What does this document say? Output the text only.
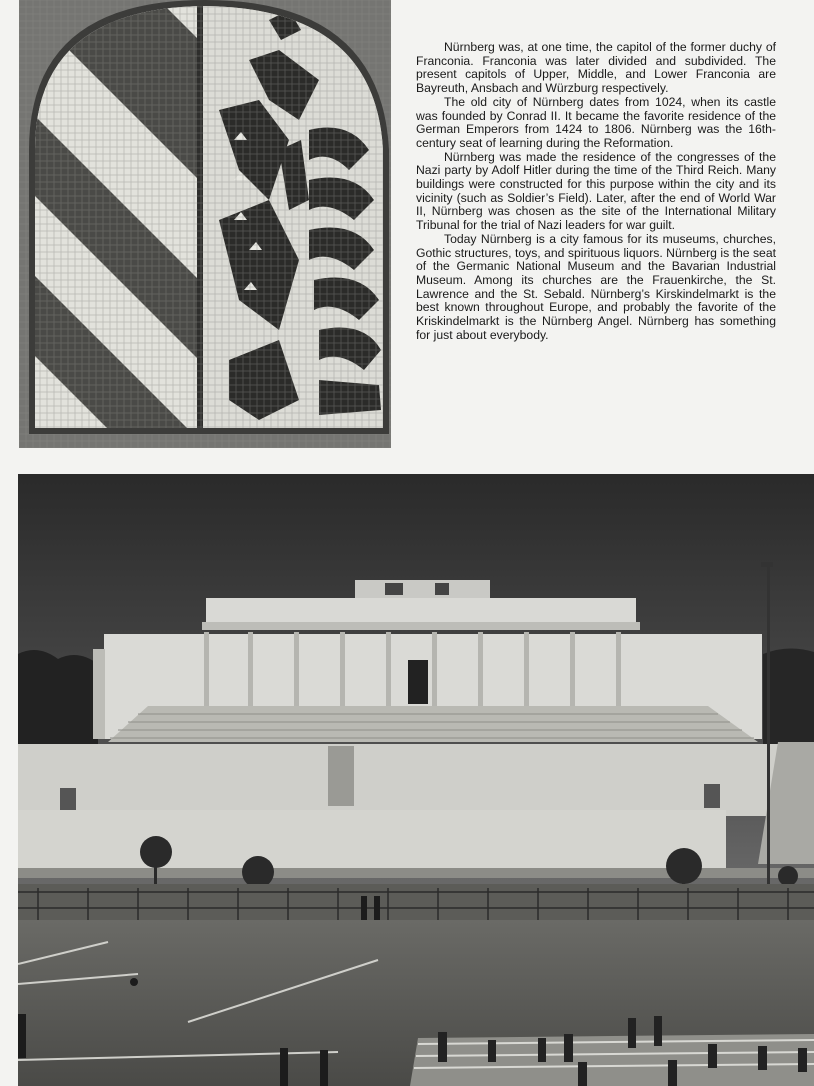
Nürnberg was, at one time, the capitol of the former duchy of Franconia. Franconia was later divided and subdivided. The present capitols of Upper, Middle, and Lower Franconia are Bayreuth, Ansbach and Würzburg respectively.

The old city of Nürnberg dates from 1024, when its castle was founded by Conrad II. It became the favorite residence of the German Emperors from 1424 to 1806. Nürnberg was the 16th- century seat of learning during the Reformation.

Nürnberg was made the residence of the congresses of the Nazi party by Adolf Hitler during the time of the Third Reich. Many buildings were constructed for this purpose within the city and its vicinity (such as Soldier’s Field). Later, after the end of World War II, Nürnberg was chosen as the site of the International Military Tribunal for the trial of Nazi leaders for war guilt.

Today Nürnberg is a city famous for its museums, churches, Gothic structures, toys, and spirituous liquors. Nürnberg is the seat of the Germanic National Museum and the Bavarian Industrial Museum. Among its churches are the Frauenkirche, the St. Lawrence and the St. Sebald. Nürnberg’s Kirskindelmarkt is the best known throughout Europe, and probably the favorite of the Kriskindelmarkt is the Nürnberg Angel. Nürnberg has something for just about everybody.
